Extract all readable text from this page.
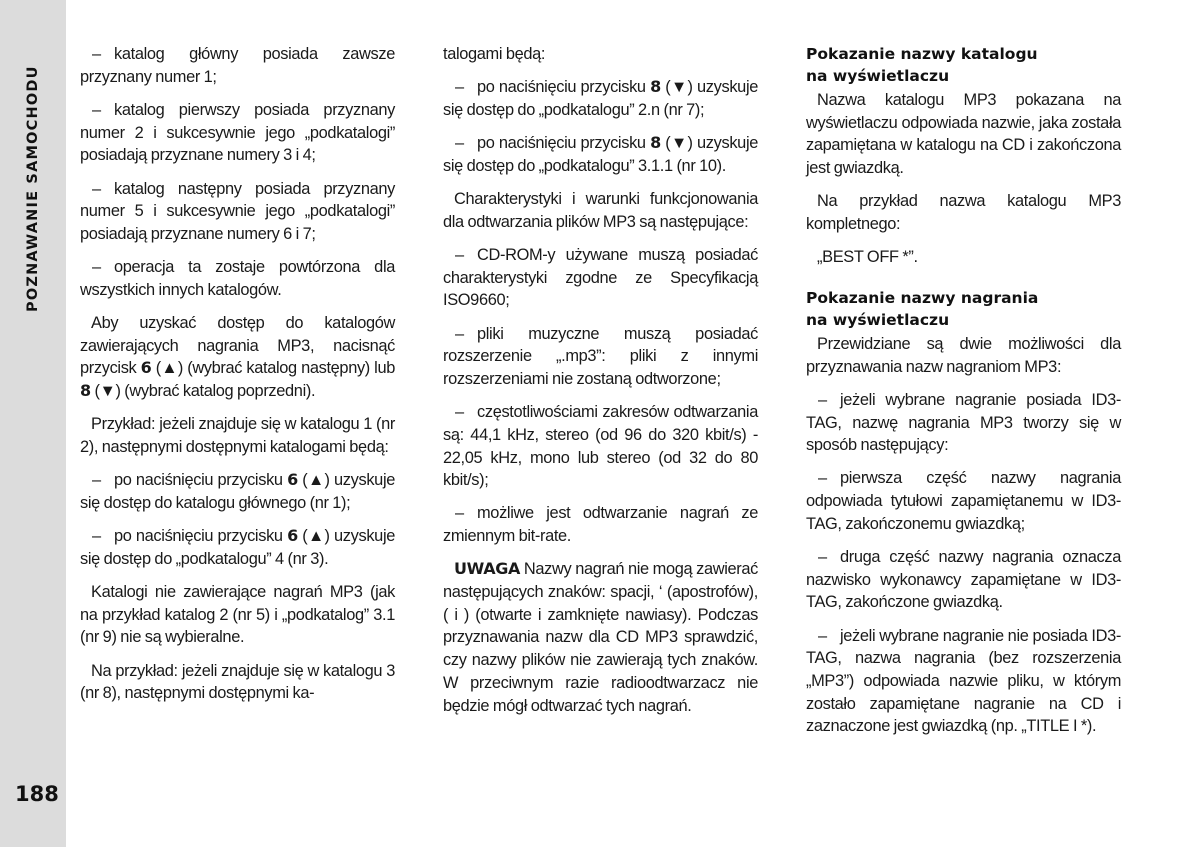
POZNAWANIE SAMOCHODU
188

– katalog główny posiada zawsze przyznany numer 1;

– katalog pierwszy posiada przyznany numer 2 i sukcesywnie jego „podkatalogi” posiadają przyznane numery 3 i 4;

– katalog następny posiada przyznany numer 5 i sukcesywnie jego „podkatalogi” posiadają przyznane numery 6 i 7;

– operacja ta zostaje powtórzona dla wszystkich innych katalogów.

Aby uzyskać dostęp do katalogów zawierających nagrania MP3, nacisnąć przycisk 6 (▲) (wybrać katalog następny) lub 8 (▼) (wybrać katalog poprzedni).

Przykład: jeżeli znajduje się w katalogu 1 (nr 2), następnymi dostępnymi katalogami będą:

– po naciśnięciu przycisku 6 (▲) uzyskuje się dostęp do katalogu głównego (nr 1);

– po naciśnięciu przycisku 6 (▲) uzyskuje się dostęp do „podkatalogu” 4 (nr 3).

Katalogi nie zawierające nagrań MP3 (jak na przykład katalog 2 (nr 5) i „podkatalog” 3.1 (nr 9) nie są wybieralne.

Na przykład: jeżeli znajduje się w katalogu 3 (nr 8), następnymi dostępnymi ka-

talogami będą:

– po naciśnięciu przycisku 8 (▼) uzyskuje się dostęp do „podkatalogu” 2.n (nr 7);

– po naciśnięciu przycisku 8 (▼) uzyskuje się dostęp do „podkatalogu” 3.1.1 (nr 10).

Charakterystyki i warunki funkcjonowania dla odtwarzania plików MP3 są następujące:

– CD-ROM-y używane muszą posiadać charakterystyki zgodne ze Specyfikacją ISO9660;

– pliki muzyczne muszą posiadać rozszerzenie „.mp3”: pliki z innymi rozszerzeniami nie zostaną odtworzone;

– częstotliwościami zakresów odtwarzania są: 44,1 kHz, stereo (od 96 do 320 kbit/s) - 22,05 kHz, mono lub stereo (od 32 do 80 kbit/s);

– możliwe jest odtwarzanie nagrań ze zmiennym bit-rate.

UWAGA Nazwy nagrań nie mogą zawierać następujących znaków: spacji, ‘ (apostrofów), ( i ) (otwarte i zamknięte nawiasy). Podczas przyznawania nazw dla CD MP3 sprawdzić, czy nazwy plików nie zawierają tych znaków. W przeciwnym razie radioodtwarzacz nie będzie mógł odtwarzać tych nagrań.

Pokazanie nazwy katalogu
na wyświetlaczu

Nazwa katalogu MP3 pokazana na wyświetlaczu odpowiada nazwie, jaka została zapamiętana w katalogu na CD i zakończona jest gwiazdką.

Na przykład nazwa katalogu MP3 kompletnego:

„BEST OFF *”.

Pokazanie nazwy nagrania
na wyświetlaczu

Przewidziane są dwie możliwości dla przyznawania nazw nagraniom MP3:

– jeżeli wybrane nagranie posiada ID3-TAG, nazwę nagrania MP3 tworzy się w sposób następujący:

– pierwsza część nazwy nagrania odpowiada tytułowi zapamiętanemu w ID3-TAG, zakończonemu gwiazdką;

– druga część nazwy nagrania oznacza nazwisko wykonawcy zapamiętane w ID3-TAG, zakończone gwiazdką.

– jeżeli wybrane nagranie nie posiada ID3-TAG, nazwa nagrania (bez rozszerzenia „MP3”) odpowiada nazwie pliku, w którym zostało zapamiętane nagranie na CD i zaznaczone jest gwiazdką (np. „TITLE I *).
